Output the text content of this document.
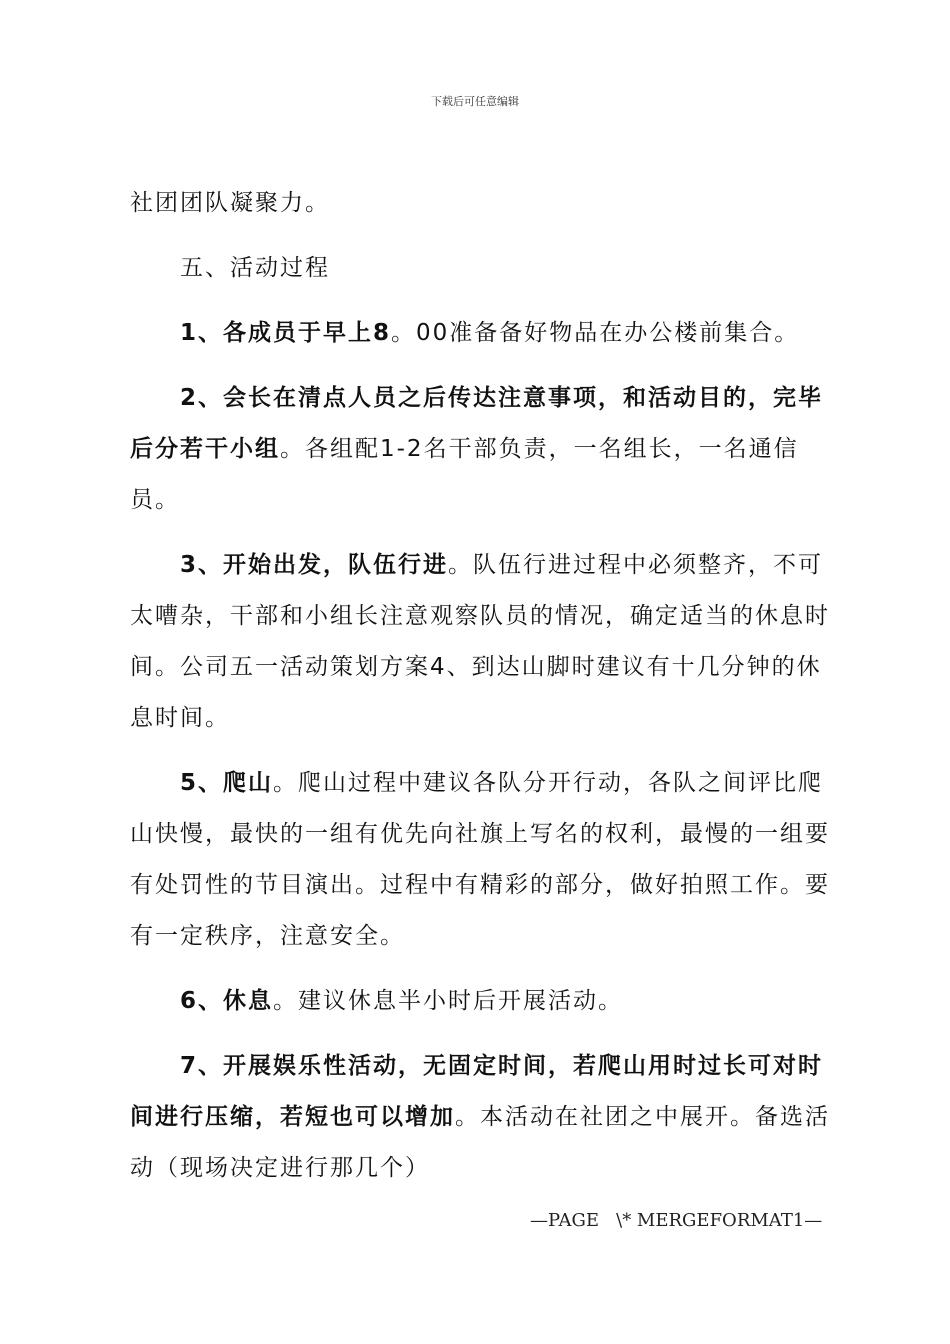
下载后可任意编辑

社团团队凝聚力。

五、活动过程

1、各成员于早上8。00准备备好物品在办公楼前集合。

2、会长在清点人员之后传达注意事项，和活动目的，完毕后分若干小组。各组配1-2名干部负责，一名组长，一名通信员。

3、开始出发，队伍行进。队伍行进过程中必须整齐，不可太嘈杂，干部和小组长注意观察队员的情况，确定适当的休息时间。公司五一活动策划方案4、到达山脚时建议有十几分钟的休息时间。

5、爬山。爬山过程中建议各队分开行动，各队之间评比爬山快慢，最快的一组有优先向社旗上写名的权利，最慢的一组要有处罚性的节目演出。过程中有精彩的部分，做好拍照工作。要有一定秩序，注意安全。

6、休息。建议休息半小时后开展活动。

7、开展娱乐性活动，无固定时间，若爬山用时过长可对时间进行压缩，若短也可以增加。本活动在社团之中展开。备选活动（现场决定进行那几个）

—PAGE   \* MERGEFORMAT1—
